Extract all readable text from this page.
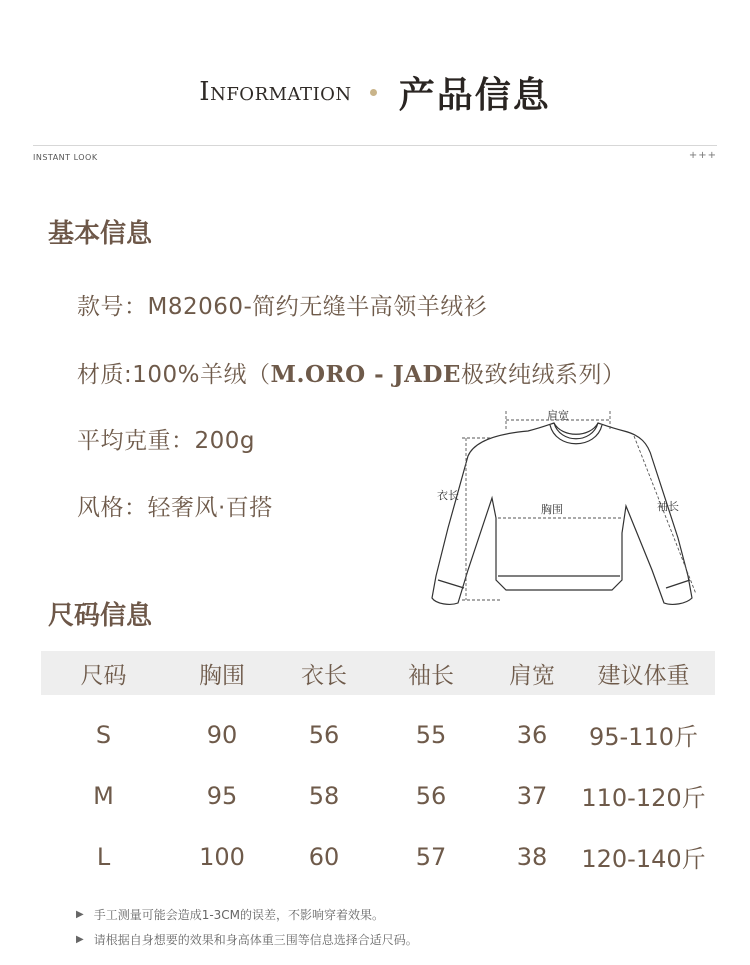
Information 产品信息
INSTANT LOOK	+++
基本信息
款号：M82060-简约无缝半高领羊绒衫
材质:100%羊绒（M.ORO - JADE极致纯绒系列）
平均克重：200g
风格：轻奢风·百搭
肩宽
衣长
胸围	袖长
尺码信息
尺码	胸围	衣长	袖长	肩宽	建议体重
S	90	56	55	36	95-110斤
M	95	58	56	37	110-120斤
L	100	60	57	38	120-140斤
▶ 手工测量可能会造成1-3CM的误差，不影响穿着效果。
▶ 请根据自身想要的效果和身高体重三围等信息选择合适尺码。
